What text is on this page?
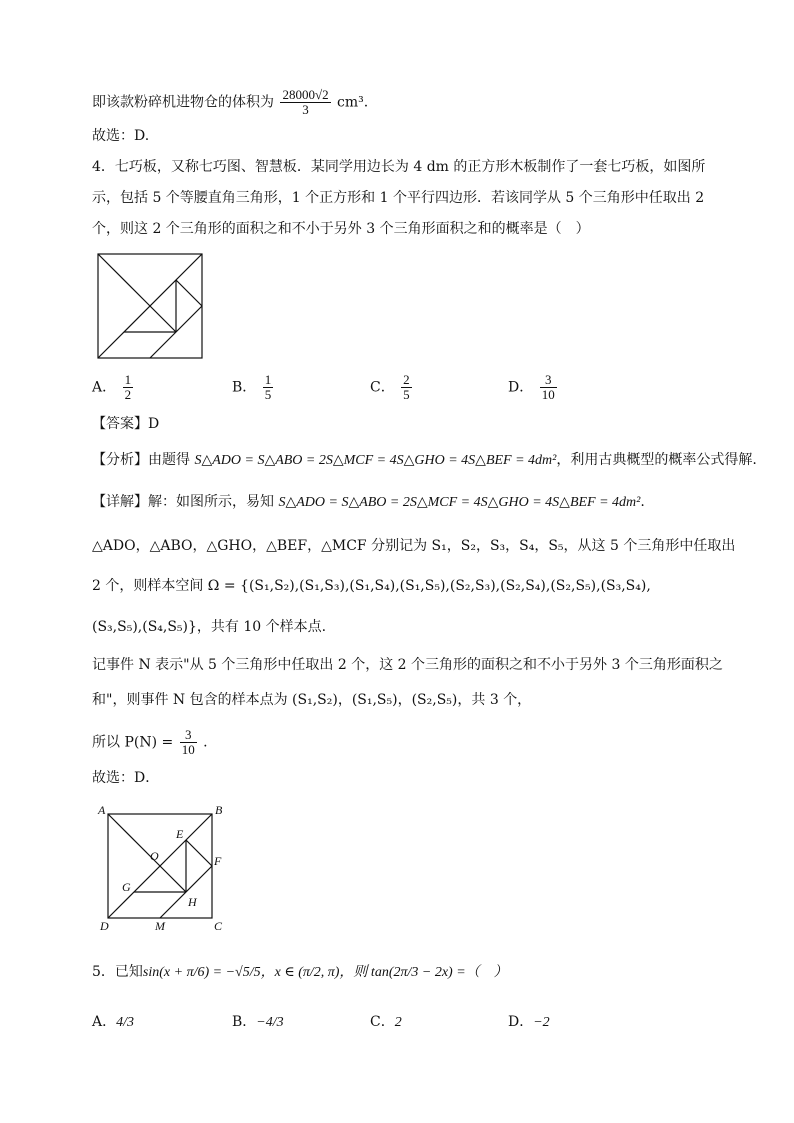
即该款粉碎机进物仓的体积为 $\frac{28000√2}{3} cm^3$.
故选：D.
4．七巧板，又称七巧图、智慧板．某同学用边长为 4 dm 的正方形木板制作了一套七巧板，如图所
示，包括 5 个等腰直角三角形，1 个正方形和 1 个平行四边形．若该同学从 5 个三角形中任取出 2
个，则这 2 个三角形的面积之和不小于另外 3 个三角形面积之和的概率是（　）
A． $\frac{1}{2}$	B． $\frac{1}{5}$	C． $\frac{2}{5}$	D． $\frac{3}{10}$
【答案】D
【分析】由题得 S△ADO = S△ABO = 2S△MCF = 4S△GHO = 4S△BEF = 4dm²，利用古典概型的概率公式得解.
【详解】解：如图所示，易知 S△ADO = S△ABO = 2S△MCF = 4S△GHO = 4S△BEF = 4dm².
△ADO，△ABO，△GHO，△BEF，△MCF 分别记为 S₁，S₂，S₃，S₄，S₅，从这 5 个三角形中任取出
2 个，则样本空间 Ω = {(S₁,S₂),(S₁,S₃),(S₁,S₄),(S₁,S₅),(S₂,S₃),(S₂,S₄),(S₂,S₅),(S₃,S₄),
(S₃,S₅),(S₄,S₅)}，共有 10 个样本点.
记事件 N 表示"从 5 个三角形中任取出 2 个，这 2 个三角形的面积之和不小于另外 3 个三角形面积之
和"，则事件 N 包含的样本点为 (S₁,S₂)，(S₁,S₅)，(S₂,S₅)，共 3 个，
所以 $P(N) = \frac{3}{10}$ .
故选：D．
A	B
C
D
E
F
G
H
M
O
5．已知sin(x + π/6) = −√5/5，x ∈ (π/2, π)，则 tan(2π/3 − 2x) =（　）
A．4/3	B．−4/3	C．2	D．−2
